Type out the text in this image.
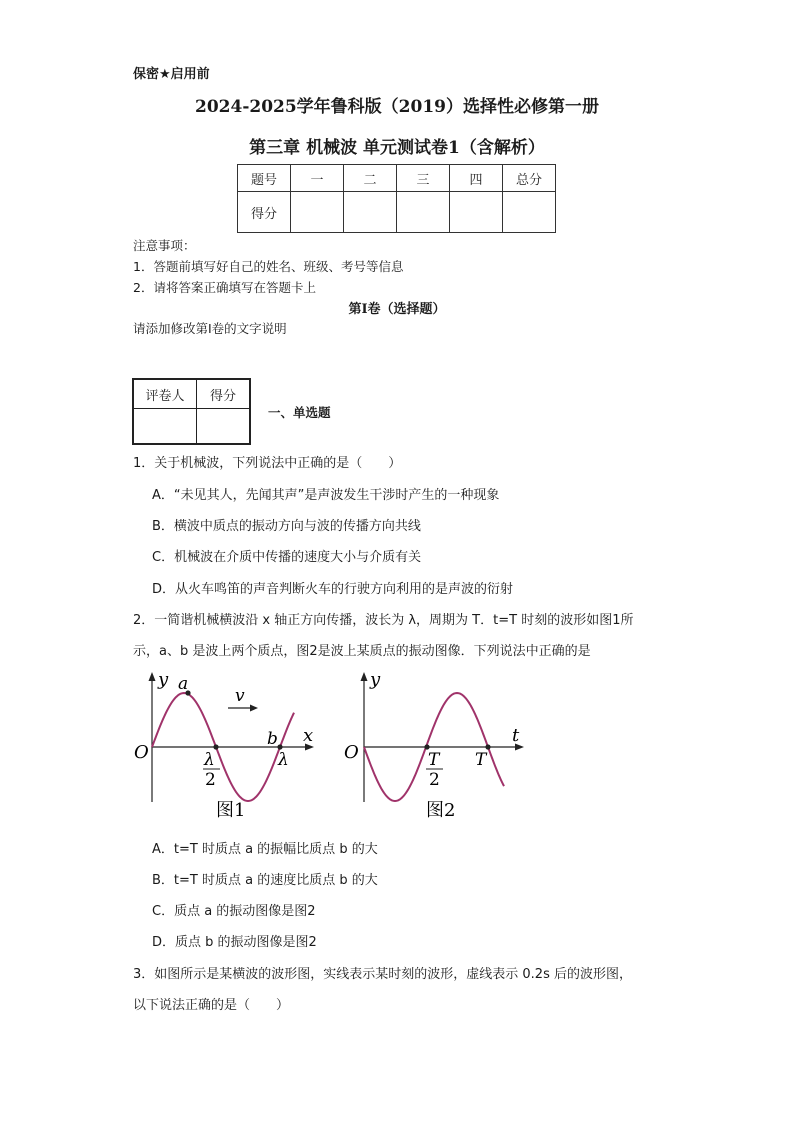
保密★启用前
2024-2025学年鲁科版（2019）选择性必修第一册
第三章 机械波 单元测试卷1（含解析）
题号	一	二	三	四	总分
得分					
注意事项：
1．答题前填写好自己的姓名、班级、考号等信息
2．请将答案正确填写在答题卡上
第I卷（选择题）
请添加修改第I卷的文字说明
评卷人	得分

一、单选题
1．关于机械波，下列说法中正确的是（　　）
A．“未见其人，先闻其声”是声波发生干涉时产生的一种现象
B．横波中质点的振动方向与波的传播方向共线
C．机械波在介质中传播的速度大小与介质有关
D．从火车鸣笛的声音判断火车的行驶方向利用的是声波的衍射
2．一简谐机械横波沿 x 轴正方向传播，波长为 λ，周期为 T．t=T 时刻的波形如图1所
示，a、b 是波上两个质点，图2是波上某质点的振动图像．下列说法中正确的是
y
x
O
a
b
v
λ
2
λ
图1
y
t
O	T
2
T
图2
A．t=T 时质点 a 的振幅比质点 b 的大
B．t=T 时质点 a 的速度比质点 b 的大
C．质点 a 的振动图像是图2
D．质点 b 的振动图像是图2
3．如图所示是某横波的波形图，实线表示某时刻的波形，虚线表示 0.2s 后的波形图，
以下说法正确的是（　　）
